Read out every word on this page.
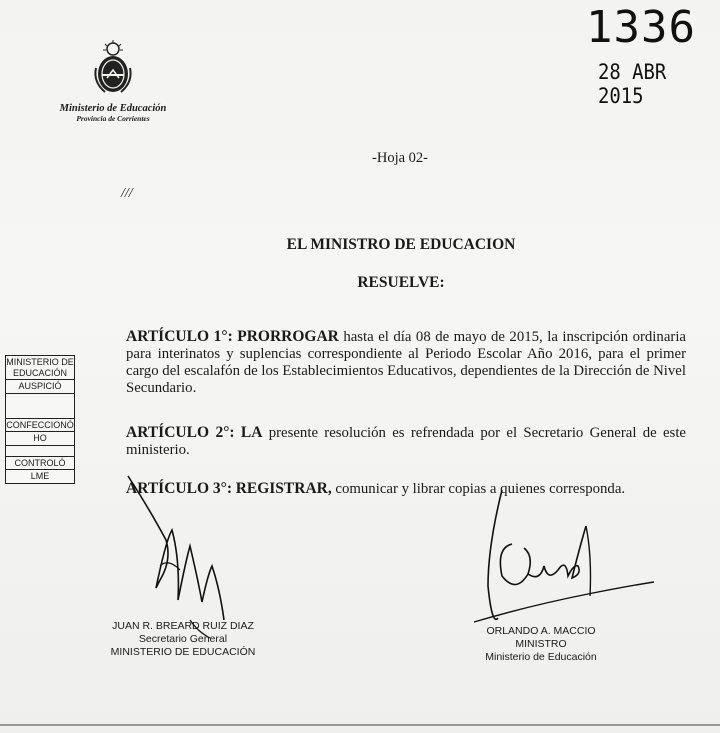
1336
28 ABR 2015
Ministerio de Educación
Provincia de Corrientes
-Hoja 02-
///
EL MINISTRO DE EDUCACION
RESUELVE:
ARTÍCULO 1°: PRORROGAR hasta el día 08 de mayo de 2015, la inscripción ordinaria para interinatos y suplencias correspondiente al Periodo Escolar Año 2016, para el primer cargo del escalafón de los Establecimientos Educativos, dependientes de la Dirección de Nivel Secundario.
ARTÍCULO 2°: LA presente resolución es refrendada por el Secretario General de este ministerio.
ARTÍCULO 3°: REGISTRAR, comunicar y librar copias a quienes corresponda.
MINISTERIO DE EDUCACIÓN
AUSPICIÓ
CONFECCIONÓ
HO
CONTROLÓ
LME
JUAN R. BREARD RUIZ DIAZ
Secretario General
MINISTERIO DE EDUCACIÓN
ORLANDO A. MACCIO
MINISTRO
Ministerio de Educación
